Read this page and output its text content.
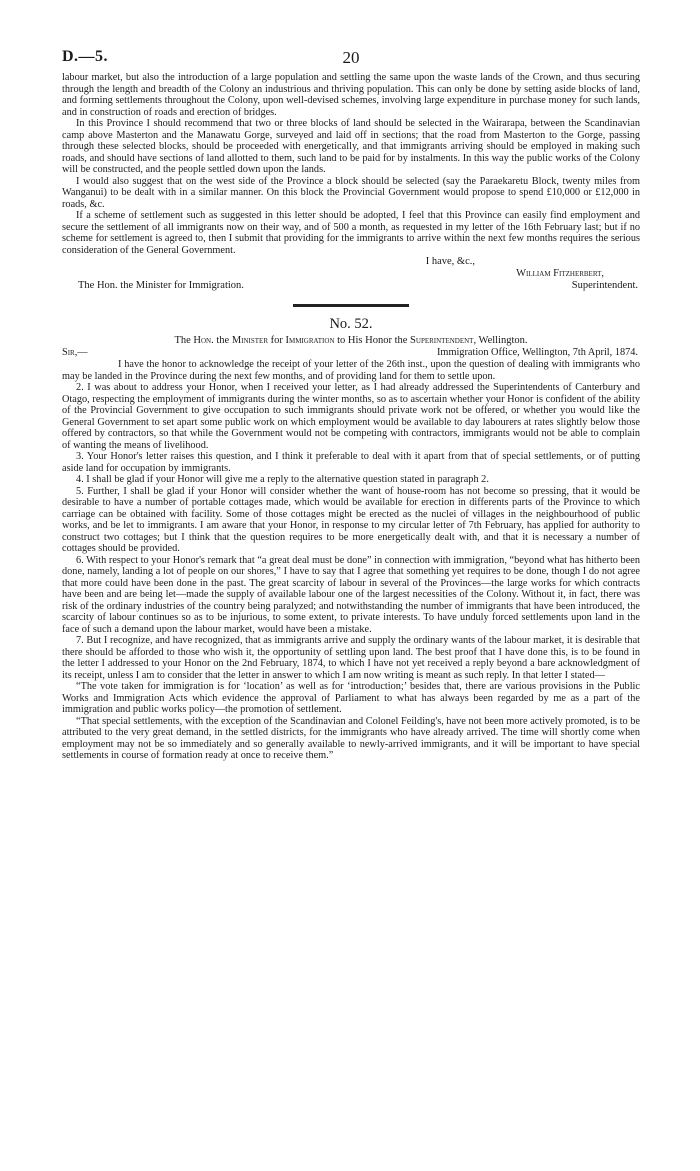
D.—5.	20

labour market, but also the introduction of a large population and settling the same upon the waste lands of the Crown, and thus securing through the length and breadth of the Colony an industrious and thriving population. This can only be done by setting aside blocks of land, and forming settlements throughout the Colony, upon well-devised schemes, involving large expenditure in purchase money for such lands, and in construction of roads and erection of bridges.

In this Province I should recommend that two or three blocks of land should be selected in the Wairarapa, between the Scandinavian camp above Masterton and the Manawatu Gorge, surveyed and laid off in sections; that the road from Masterton to the Gorge, passing through these selected blocks, should be proceeded with energetically, and that immigrants arriving should be employed in making such roads, and should have sections of land allotted to them, such land to be paid for by instalments. In this way the public works of the Colony will be constructed, and the people settled down upon the lands.

I would also suggest that on the west side of the Province a block should be selected (say the Paraekaretu Block, twenty miles from Wanganui) to be dealt with in a similar manner. On this block the Provincial Government would propose to spend £10,000 or £12,000 in roads, &c.

If a scheme of settlement such as suggested in this letter should be adopted, I feel that this Province can easily find employment and secure the settlement of all immigrants now on their way, and of 500 a month, as requested in my letter of the 16th February last; but if no scheme for settlement is agreed to, then I submit that providing for the immigrants to arrive within the next few months requires the serious consideration of the General Government.

I have, &c.,
William Fitzherbert,
The Hon. the Minister for Immigration.	Superintendent.
No. 52.
The Hon. the Minister for Immigration to His Honor the Superintendent, Wellington.
Sir,—	Immigration Office, Wellington, 7th April, 1874.

I have the honor to acknowledge the receipt of your letter of the 26th inst., upon the question of dealing with immigrants who may be landed in the Province during the next few months, and of providing land for them to settle upon.

2. I was about to address your Honor, when I received your letter, as I had already addressed the Superintendents of Canterbury and Otago, respecting the employment of immigrants during the winter months, so as to ascertain whether your Honor is confident of the ability of the Provincial Government to give occupation to such immigrants should private work not be offered, or whether you would like the General Government to set apart some public work on which employment would be available to day labourers at rates slightly below those offered by contractors, so that while the Government would not be competing with contractors, immigrants would not be able to complain of wanting the means of livelihood.

3. Your Honor's letter raises this question, and I think it preferable to deal with it apart from that of special settlements, or of putting aside land for occupation by immigrants.

4. I shall be glad if your Honor will give me a reply to the alternative question stated in paragraph 2.

5. Further, I shall be glad if your Honor will consider whether the want of house-room has not become so pressing, that it would be desirable to have a number of portable cottages made, which would be available for erection in differents parts of the Province to which carriage can be obtained with facility. Some of those cottages might be erected as the nuclei of villages in the neighbourhood of public works, and be let to immigrants. I am aware that your Honor, in response to my circular letter of 7th February, has applied for authority to construct two cottages; but I think that the question requires to be more energetically dealt with, and that it is necessary a number of cottages should be provided.

6. With respect to your Honor's remark that “a great deal must be done” in connection with immigration, “beyond what has hitherto been done, namely, landing a lot of people on our shores,” I have to say that I agree that something yet requires to be done, though I do not agree that more could have been done in the past. The great scarcity of labour in several of the Provinces—the large works for which contracts have been and are being let—made the supply of available labour one of the largest necessities of the Colony. Without it, in fact, there was risk of the ordinary industries of the country being paralyzed; and notwithstanding the number of immigrants that have been introduced, the scarcity of labour continues so as to be injurious, to some extent, to private interests. To have unduly forced settlements upon land in the face of such a demand upon the labour market, would have been a mistake.

7. But I recognize, and have recognized, that as immigrants arrive and supply the ordinary wants of the labour market, it is desirable that there should be afforded to those who wish it, the opportunity of settling upon land. The best proof that I have done this, is to be found in the letter I addressed to your Honor on the 2nd February, 1874, to which I have not yet received a reply beyond a bare acknowledgment of its receipt, unless I am to consider that the letter in answer to which I am now writing is meant as such reply. In that letter I stated—

“The vote taken for immigration is for ‘location’ as well as for ‘introduction;’ besides that, there are various provisions in the Public Works and Immigration Acts which evidence the approval of Parliament to what has always been regarded by me as a part of the immigration and public works policy—the promotion of settlement.

“That special settlements, with the exception of the Scandinavian and Colonel Feilding's, have not been more actively promoted, is to be attributed to the very great demand, in the settled districts, for the immigrants who have already arrived. The time will shortly come when employment may not be so immediately and so generally available to newly-arrived immigrants, and it will be important to have special settlements in course of formation ready at once to receive them.”
